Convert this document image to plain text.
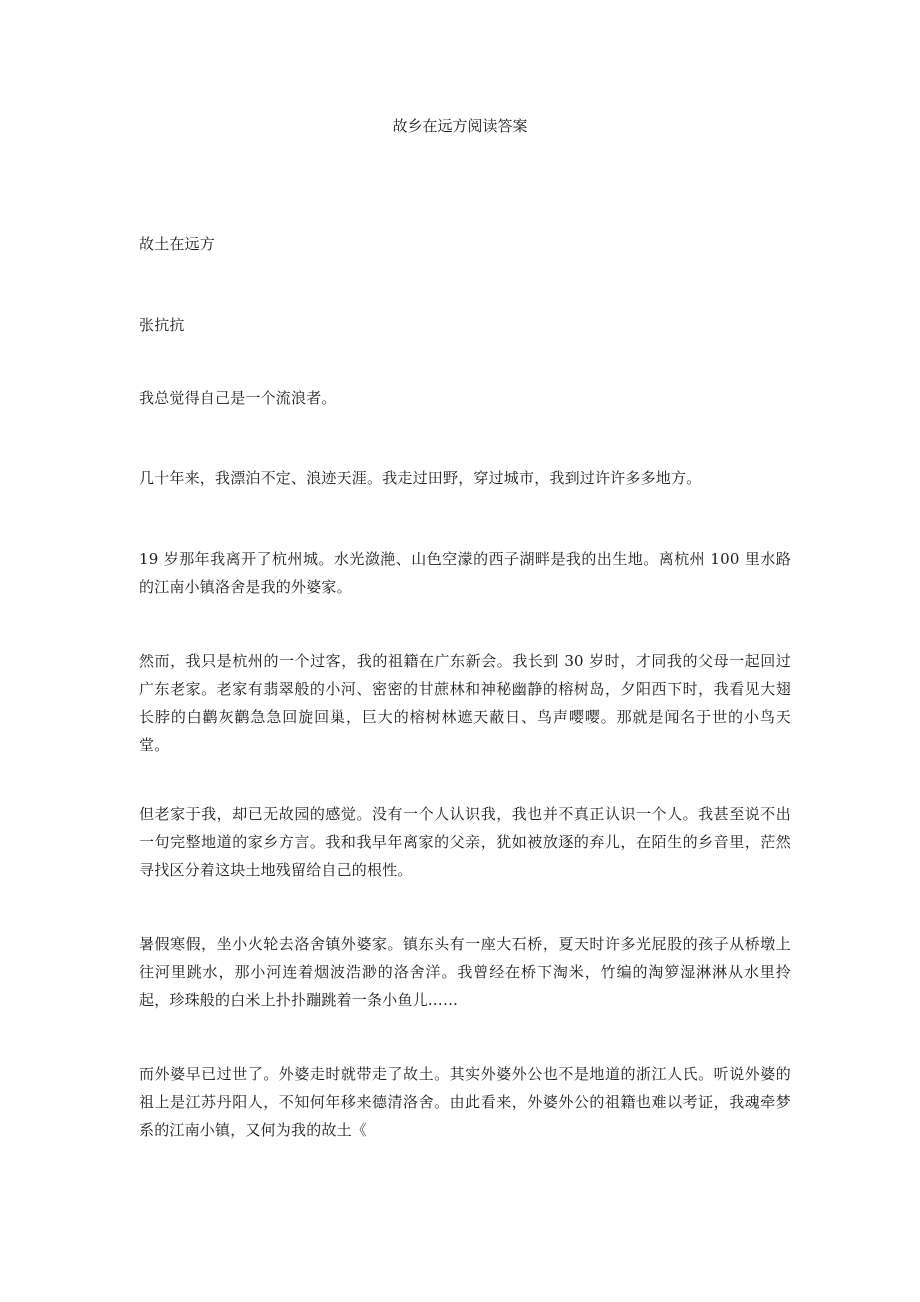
故乡在远方阅读答案

故土在远方

张抗抗

我总觉得自己是一个流浪者。

几十年来，我漂泊不定、浪迹天涯。我走过田野，穿过城市，我到过许许多多地方。

19 岁那年我离开了杭州城。水光潋滟、山色空濛的西子湖畔是我的出生地。离杭州 100 里水路的江南小镇洛舍是我的外婆家。

然而，我只是杭州的一个过客，我的祖籍在广东新会。我长到 30 岁时，才同我的父母一起回过广东老家。老家有翡翠般的小河、密密的甘蔗林和神秘幽静的榕树岛，夕阳西下时，我看见大翅长脖的白鹳灰鹳急急回旋回巢，巨大的榕树林遮天蔽日、鸟声嘤嘤。那就是闻名于世的小鸟天堂。

但老家于我，却已无故园的感觉。没有一个人认识我，我也并不真正认识一个人。我甚至说不出一句完整地道的家乡方言。我和我早年离家的父亲，犹如被放逐的弃儿，在陌生的乡音里，茫然寻找区分着这块土地残留给自己的根性。

暑假寒假，坐小火轮去洛舍镇外婆家。镇东头有一座大石桥，夏天时许多光屁股的孩子从桥墩上往河里跳水，那小河连着烟波浩渺的洛舍洋。我曾经在桥下淘米，竹编的淘箩湿淋淋从水里拎起，珍珠般的白米上扑扑蹦跳着一条小鱼儿……

而外婆早已过世了。外婆走时就带走了故土。其实外婆外公也不是地道的浙江人氏。听说外婆的祖上是江苏丹阳人，不知何年移来德清洛舍。由此看来，外婆外公的祖籍也难以考证，我魂牵梦系的江南小镇，又何为我的故土《
